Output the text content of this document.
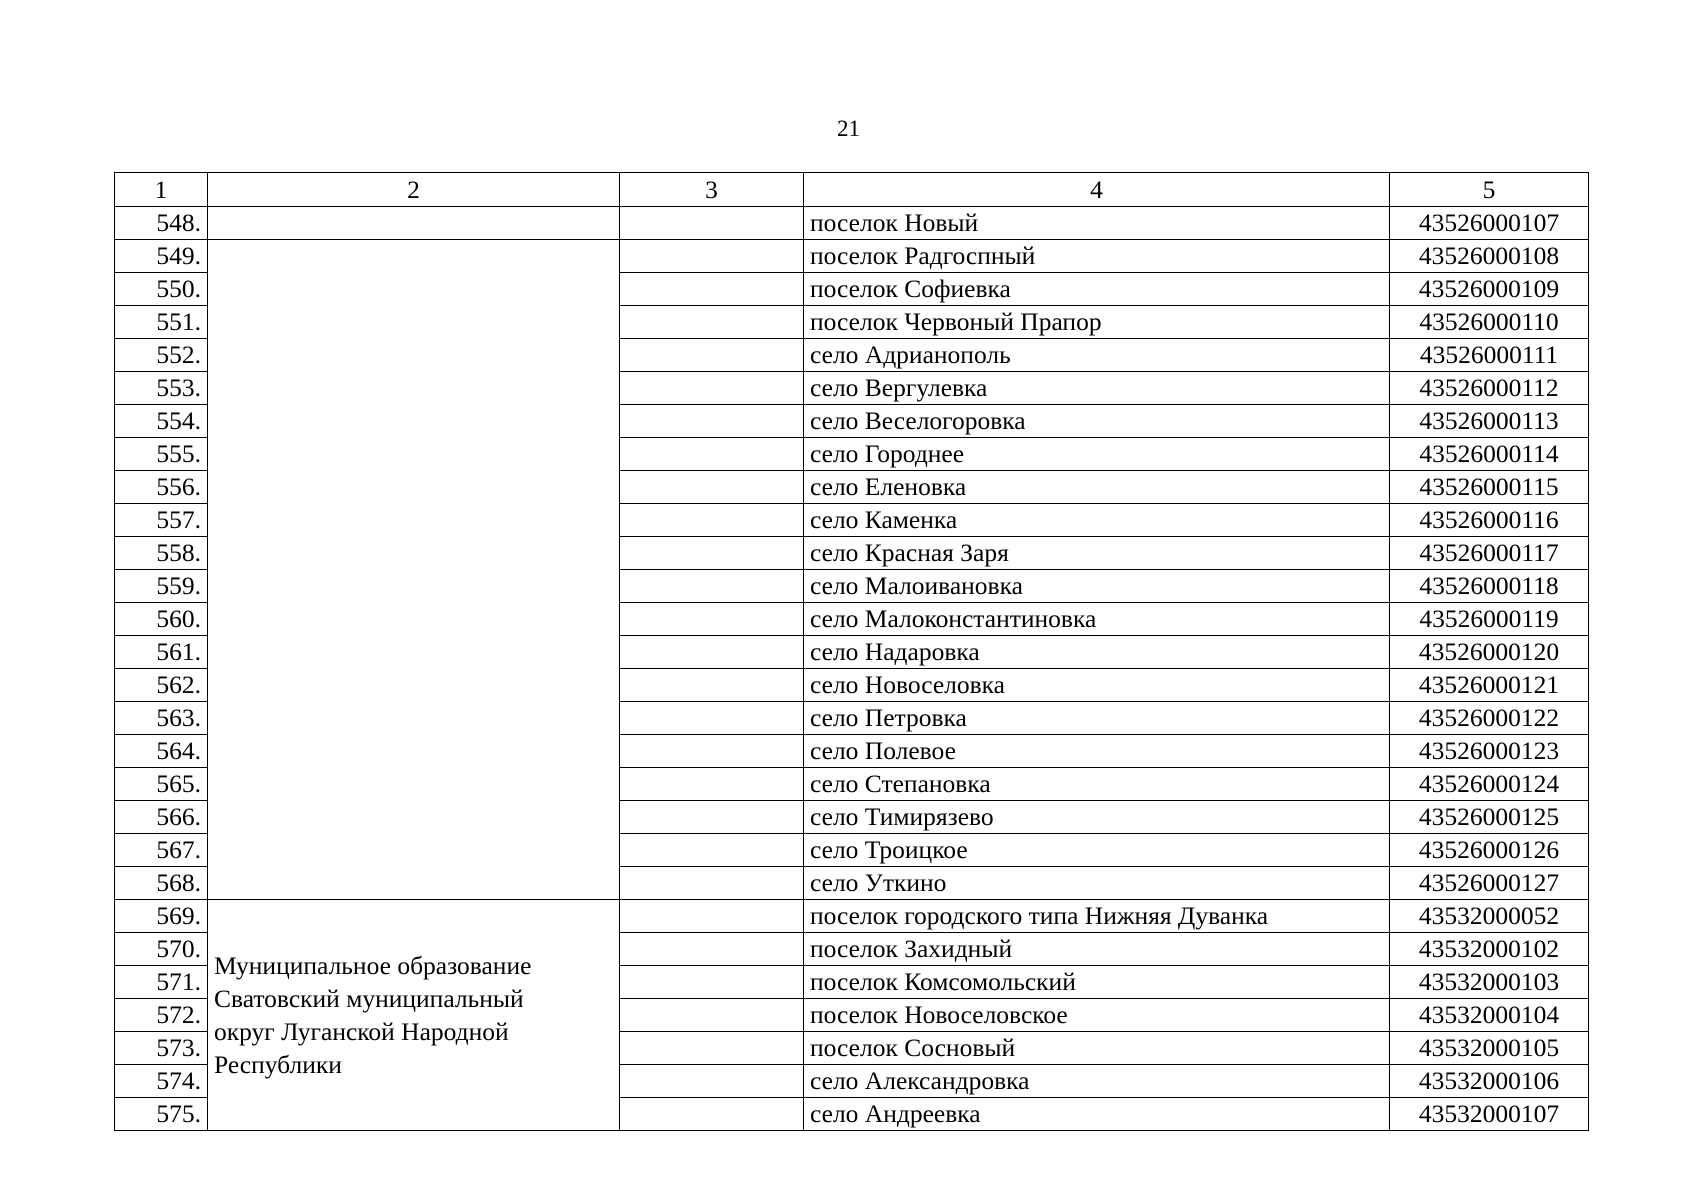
21
1	2	3	4	5
548.			поселок Новый	43526000107
549.			поселок Радгоспный	43526000108
550.			поселок Софиевка	43526000109
551.			поселок Червоный Прапор	43526000110
552.			село Адрианополь	43526000111
553.			село Вергулевка	43526000112
554.			село Веселогоровка	43526000113
555.			село Городнее	43526000114
556.			село Еленовка	43526000115
557.			село Каменка	43526000116
558.			село Красная Заря	43526000117
559.			село Малоивановка	43526000118
560.			село Малоконстантиновка	43526000119
561.			село Надаровка	43526000120
562.			село Новоселовка	43526000121
563.			село Петровка	43526000122
564.			село Полевое	43526000123
565.			село Степановка	43526000124
566.			село Тимирязево	43526000125
567.			село Троицкое	43526000126
568.			село Уткино	43526000127
569.	Муниципальное образование
Сватовский муниципальный
округ Луганской Народной
Республики		поселок городского типа Нижняя Дуванка	43532000052
570.			поселок Захидный	43532000102
571.			поселок Комсомольский	43532000103
572.			поселок Новоселовское	43532000104
573.			поселок Сосновый	43532000105
574.			село Александровка	43532000106
575.			село Андреевка	43532000107
